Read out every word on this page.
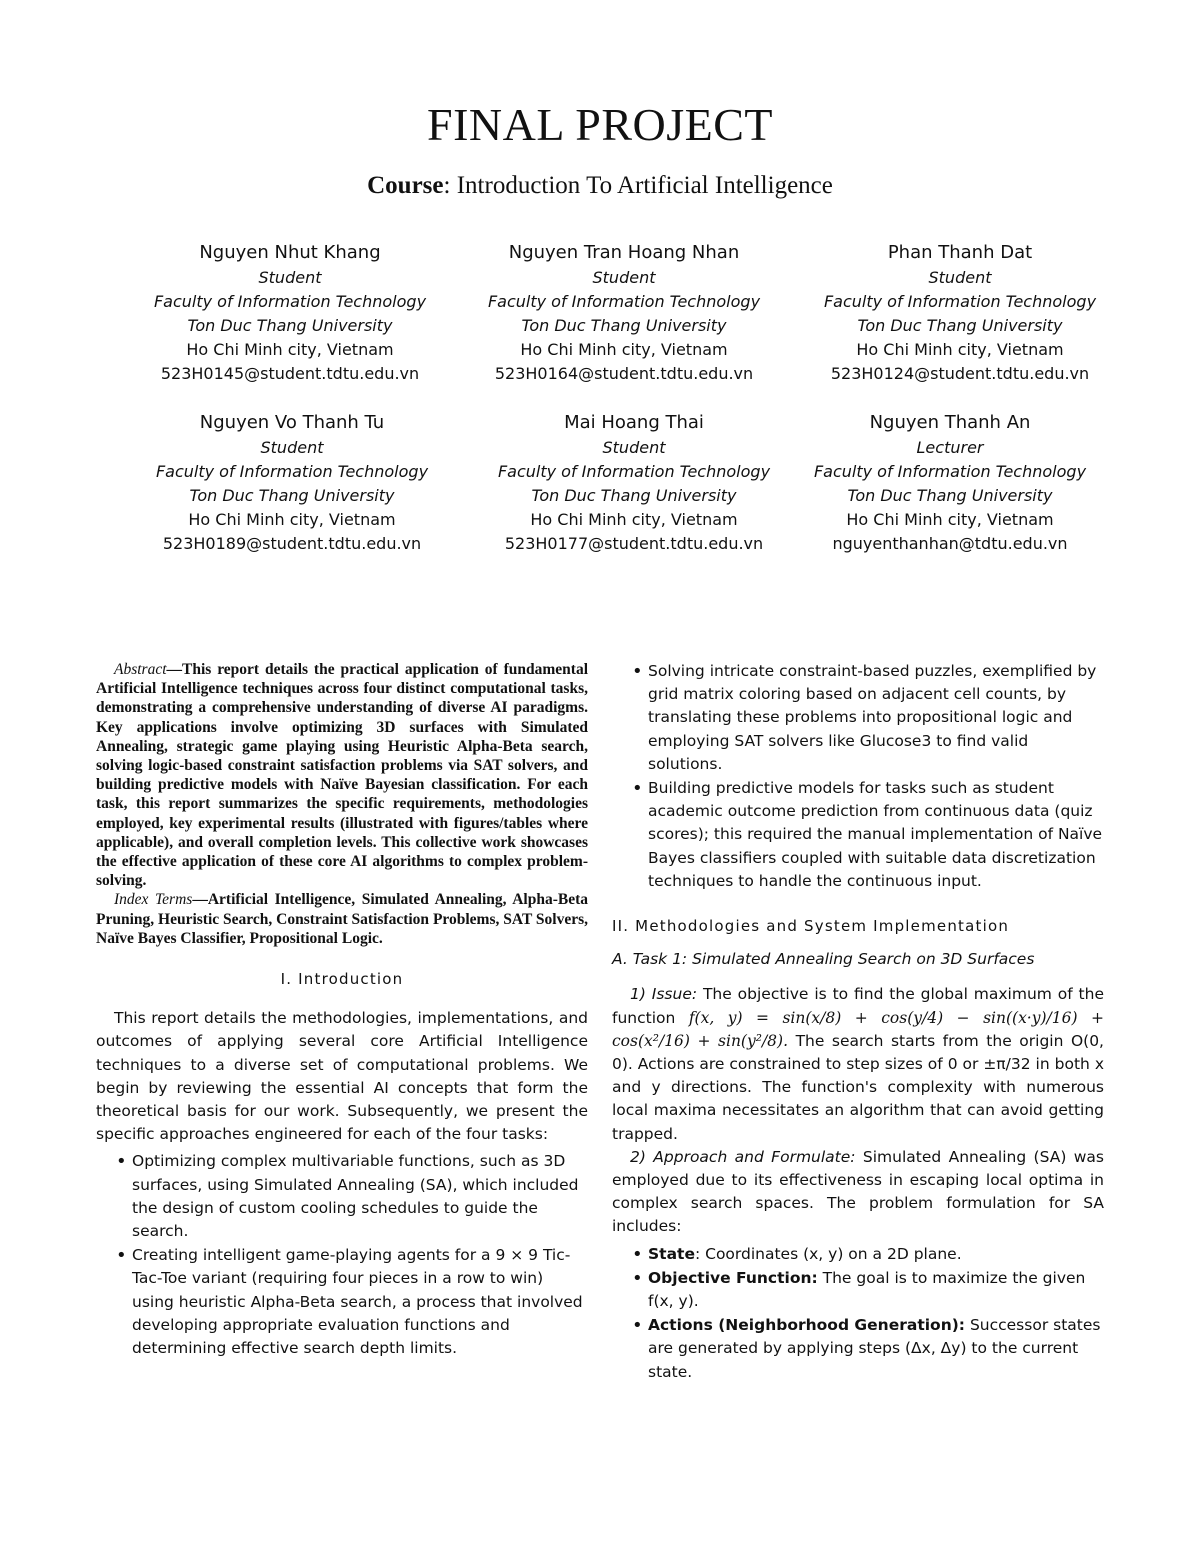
FINAL PROJECT
Course: Introduction To Artificial Intelligence
Nguyen Nhut Khang
Student
Faculty of Information Technology
Ton Duc Thang University
Ho Chi Minh city, Vietnam
523H0145@student.tdtu.edu.vn
Nguyen Tran Hoang Nhan
Student
Faculty of Information Technology
Ton Duc Thang University
Ho Chi Minh city, Vietnam
523H0164@student.tdtu.edu.vn
Phan Thanh Dat
Student
Faculty of Information Technology
Ton Duc Thang University
Ho Chi Minh city, Vietnam
523H0124@student.tdtu.edu.vn
Nguyen Vo Thanh Tu
Student
Faculty of Information Technology
Ton Duc Thang University
Ho Chi Minh city, Vietnam
523H0189@student.tdtu.edu.vn
Mai Hoang Thai
Student
Faculty of Information Technology
Ton Duc Thang University
Ho Chi Minh city, Vietnam
523H0177@student.tdtu.edu.vn
Nguyen Thanh An
Lecturer
Faculty of Information Technology
Ton Duc Thang University
Ho Chi Minh city, Vietnam
nguyenthanhan@tdtu.edu.vn

Abstract—This report details the practical application of fundamental Artificial Intelligence techniques across four distinct computational tasks, demonstrating a comprehensive understanding of diverse AI paradigms. Key applications involve optimizing 3D surfaces with Simulated Annealing, strategic game playing using Heuristic Alpha-Beta search, solving logic-based constraint satisfaction problems via SAT solvers, and building predictive models with Naïve Bayesian classification. For each task, this report summarizes the specific requirements, methodologies employed, key experimental results (illustrated with figures/tables where applicable), and overall completion levels. This collective work showcases the effective application of these core AI algorithms to complex problem-solving.

Index Terms—Artificial Intelligence, Simulated Annealing, Alpha-Beta Pruning, Heuristic Search, Constraint Satisfaction Problems, SAT Solvers, Naïve Bayes Classifier, Propositional Logic.

I. Introduction

This report details the methodologies, implementations, and outcomes of applying several core Artificial Intelligence techniques to a diverse set of computational problems. We begin by reviewing the essential AI concepts that form the theoretical basis for our work. Subsequently, we present the specific approaches engineered for each of the four tasks:

• Optimizing complex multivariable functions, such as 3D surfaces, using Simulated Annealing (SA), which included the design of custom cooling schedules to guide the search.
• Creating intelligent game-playing agents for a 9 × 9 Tic-Tac-Toe variant (requiring four pieces in a row to win) using heuristic Alpha-Beta search, a process that involved developing appropriate evaluation functions and determining effective search depth limits.
• Solving intricate constraint-based puzzles, exemplified by grid matrix coloring based on adjacent cell counts, by translating these problems into propositional logic and employing SAT solvers like Glucose3 to find valid solutions.
• Building predictive models for tasks such as student academic outcome prediction from continuous data (quiz scores); this required the manual implementation of Naïve Bayes classifiers coupled with suitable data discretization techniques to handle the continuous input.
II. Methodologies and System Implementation
A. Task 1: Simulated Annealing Search on 3D Surfaces

1) Issue: The objective is to find the global maximum of the function f(x, y) = sin(x/8) + cos(y/4) − sin((x·y)/16) + cos(x²/16) + sin(y²/8). The search starts from the origin O(0, 0). Actions are constrained to step sizes of 0 or ±π/32 in both x and y directions. The function's complexity with numerous local maxima necessitates an algorithm that can avoid getting trapped.

2) Approach and Formulate: Simulated Annealing (SA) was employed due to its effectiveness in escaping local optima in complex search spaces. The problem formulation for SA includes:

• State: Coordinates (x, y) on a 2D plane.
• Objective Function: The goal is to maximize the given f(x, y).
• Actions (Neighborhood Generation): Successor states are generated by applying steps (Δx, Δy) to the current state.
